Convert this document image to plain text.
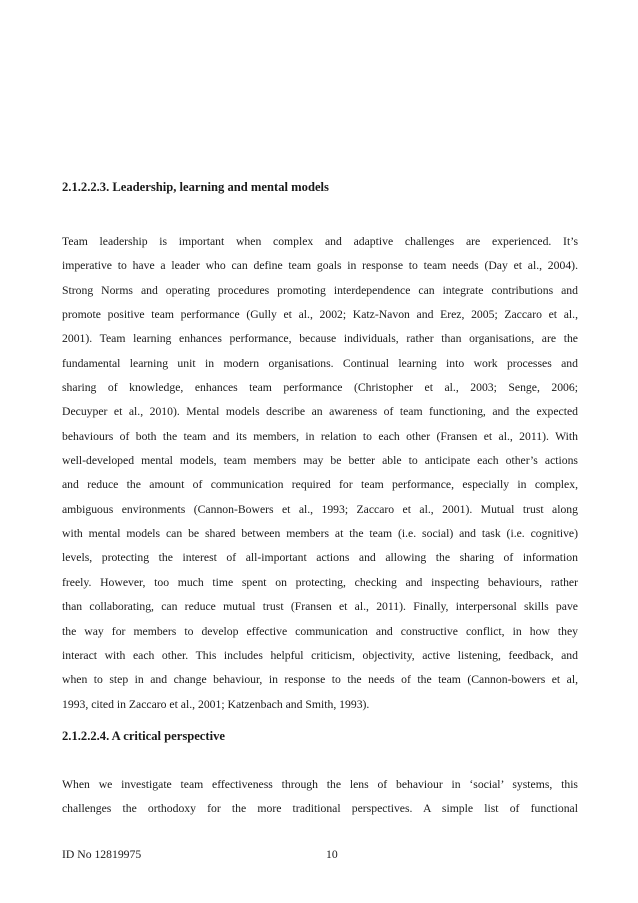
2.1.2.2.3. Leadership, learning and mental models
Team leadership is important when complex and adaptive challenges are experienced. It’s
imperative to have a leader who can define team goals in response to team needs (Day et al., 2004).
Strong Norms and operating procedures promoting interdependence can integrate contributions and
promote positive team performance (Gully et al., 2002; Katz-Navon and Erez, 2005; Zaccaro et al.,
2001). Team learning enhances performance, because individuals, rather than organisations, are the
fundamental learning unit in modern organisations. Continual learning into work processes and
sharing of knowledge, enhances team performance (Christopher et al., 2003; Senge, 2006;
Decuyper et al., 2010). Mental models describe an awareness of team functioning, and the expected
behaviours of both the team and its members, in relation to each other (Fransen et al., 2011). With
well-developed mental models, team members may be better able to anticipate each other’s actions
and reduce the amount of communication required for team performance, especially in complex,
ambiguous environments (Cannon-Bowers et al., 1993; Zaccaro et al., 2001). Mutual trust along
with mental models can be shared between members at the team (i.e. social) and task (i.e. cognitive)
levels, protecting the interest of all-important actions and allowing the sharing of information
freely. However, too much time spent on protecting, checking and inspecting behaviours, rather
than collaborating, can reduce mutual trust (Fransen et al., 2011). Finally, interpersonal skills pave
the way for members to develop effective communication and constructive conflict, in how they
interact with each other. This includes helpful criticism, objectivity, active listening, feedback, and
when to step in and change behaviour, in response to the needs of the team (Cannon-bowers et al,
1993, cited in Zaccaro et al., 2001; Katzenbach and Smith, 1993).
2.1.2.2.4. A critical perspective
When we investigate team effectiveness through the lens of behaviour in ‘social’ systems, this
challenges the orthodoxy for the more traditional perspectives. A simple list of functional

ID No 12819975	10
